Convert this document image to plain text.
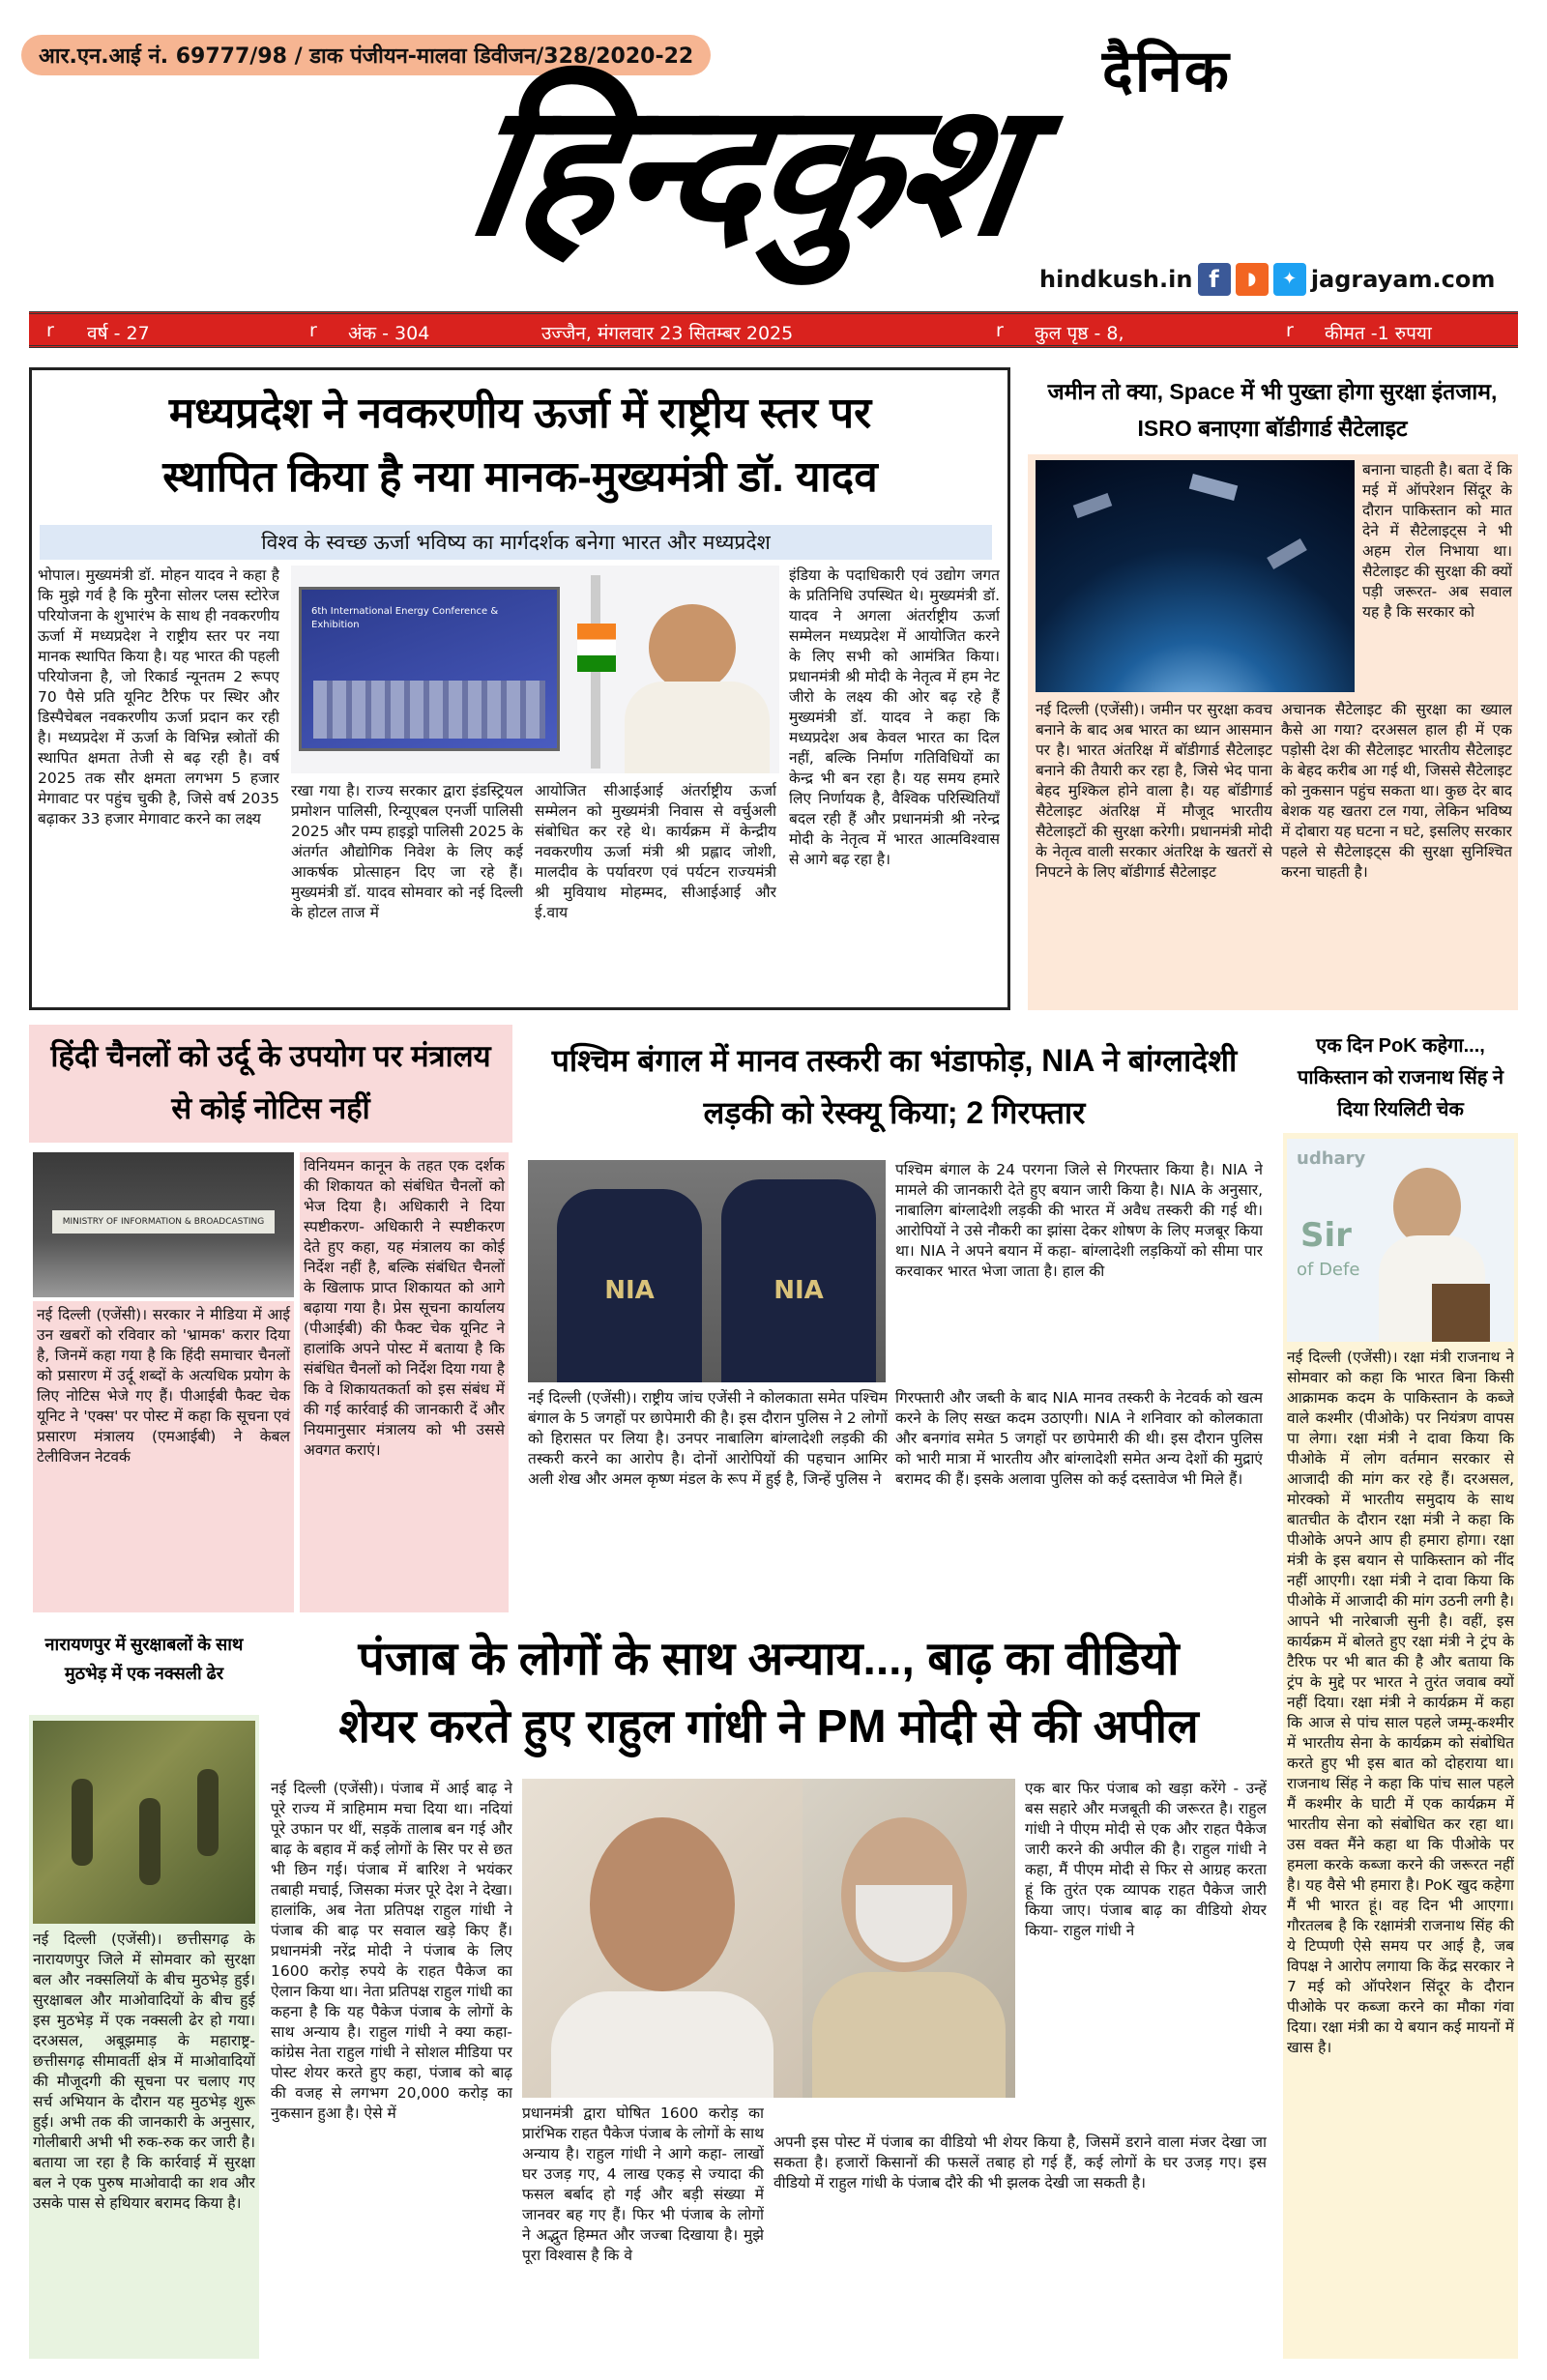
आर.एन.आई नं. 69777/98 / डाक पंजीयन-मालवा डिवीजन/328/2020-22	दैनिक
हिन्दकुश
hindkush.in f ◗ ✦ jagrayam.com
r वर्ष - 27	r अंक - 304	उज्जैन, मंगलवार 23 सितम्बर 2025	r कुल पृष्ठ - 8,	r कीमत -1 रुपया
मध्यप्रदेश ने नवकरणीय ऊर्जा में राष्ट्रीय स्तर पर
स्थापित किया है नया मानक-मुख्यमंत्री डॉ. यादव
विश्व के स्वच्छ ऊर्जा भविष्य का मार्गदर्शक बनेगा भारत और मध्यप्रदेश
भोपाल। मुख्यमंत्री डॉ. मोहन यादव ने कहा है कि मुझे गर्व है कि मुरैना सोलर प्लस स्टोरेज परियोजना के शुभारंभ के साथ ही नवकरणीय ऊर्जा में मध्यप्रदेश ने राष्ट्रीय स्तर पर नया मानक स्थापित किया है। यह भारत की पहली परियोजना है, जो रिकार्ड न्यूनतम 2 रूपए 70 पैसे प्रति यूनिट टैरिफ पर स्थिर और डिस्पैचेबल नवकरणीय ऊर्जा प्रदान कर रही है। मध्यप्रदेश में ऊर्जा के विभिन्न स्त्रोतों की स्थापित क्षमता तेजी से बढ़ रही है। वर्ष 2025 तक सौर क्षमता लगभग 5 हजार मेगावाट पर पहुंच चुकी है, जिसे वर्ष 2035 बढ़ाकर 33 हजार मेगावाट करने का लक्ष्य
6th International Energy Conference & Exhibition
रखा गया है। राज्य सरकार द्वारा इंडस्ट्रियल प्रमोशन पालिसी, रिन्यूएबल एनर्जी पालिसी 2025 और पम्प हाइड्रो पालिसी 2025 के अंतर्गत औद्योगिक निवेश के लिए कई आकर्षक प्रोत्साहन दिए जा रहे हैं। मुख्यमंत्री डॉ. यादव सोमवार को नई दिल्ली के होटल ताज में
आयोजित सीआईआई अंतर्राष्ट्रीय ऊर्जा सम्मेलन को मुख्यमंत्री निवास से वर्चुअली संबोधित कर रहे थे। कार्यक्रम में केन्द्रीय नवकरणीय ऊर्जा मंत्री श्री प्रह्लाद जोशी, मालदीव के पर्यावरण एवं पर्यटन राज्यमंत्री श्री मुवियाथ मोहम्मद, सीआईआई और ई.वाय
इंडिया के पदाधिकारी एवं उद्योग जगत के प्रतिनिधि उपस्थित थे। मुख्यमंत्री डॉ. यादव ने अगला अंतर्राष्ट्रीय ऊर्जा सम्मेलन मध्यप्रदेश में आयोजित करने के लिए सभी को आमंत्रित किया। प्रधानमंत्री श्री मोदी के नेतृत्व में हम नेट जीरो के लक्ष्य की ओर बढ़ रहे हैं मुख्यमंत्री डॉ. यादव ने कहा कि मध्यप्रदेश अब केवल भारत का दिल नहीं, बल्कि निर्माण गतिविधियों का केन्द्र भी बन रहा है। यह समय हमारे लिए निर्णायक है, वैश्विक परिस्थितियाँ बदल रही हैं और प्रधानमंत्री श्री नरेन्द्र मोदी के नेतृत्व में भारत आत्मविश्वास से आगे बढ़ रहा है।
जमीन तो क्या, Space में भी पुख्ता होगा सुरक्षा इंतजाम, ISRO बनाएगा बॉडीगार्ड सैटेलाइट
बनाना चाहती है। बता दें कि मई में ऑपरेशन सिंदूर के दौरान पाकिस्तान को मात देने में सैटेलाइट्स ने भी अहम रोल निभाया था। सैटेलाइट की सुरक्षा की क्यों पड़ी जरूरत- अब सवाल यह है कि सरकार को
नई दिल्ली (एजेंसी)। जमीन पर सुरक्षा कवच बनाने के बाद अब भारत का ध्यान आसमान पर है। भारत अंतरिक्ष में बॉडीगार्ड सैटेलाइट बनाने की तैयारी कर रहा है, जिसे भेद पाना बेहद मुश्किल होने वाला है। यह बॉडीगार्ड सैटेलाइट अंतरिक्ष में मौजूद भारतीय सैटेलाइटों की सुरक्षा करेगी। प्रधानमंत्री मोदी के नेतृत्व वाली सरकार अंतरिक्ष के खतरों से निपटने के लिए बॉडीगार्ड सैटेलाइट
अचानक सैटेलाइट की सुरक्षा का ख्याल कैसे आ गया? दरअसल हाल ही में एक पड़ोसी देश की सैटेलाइट भारतीय सैटेलाइट के बेहद करीब आ गई थी, जिससे सैटेलाइट को नुकसान पहुंच सकता था। कुछ देर बाद बेशक यह खतरा टल गया, लेकिन भविष्य में दोबारा यह घटना न घटे, इसलिए सरकार पहले से सैटेलाइट्स की सुरक्षा सुनिश्चित करना चाहती है।
हिंदी चैनलों को उर्दू के उपयोग पर मंत्रालय से कोई नोटिस नहीं
MINISTRY OF INFORMATION & BROADCASTING
नई दिल्ली (एजेंसी)। सरकार ने मीडिया में आई उन खबरों को रविवार को 'भ्रामक' करार दिया है, जिनमें कहा गया है कि हिंदी समाचार चैनलों को प्रसारण में उर्दू शब्दों के अत्यधिक प्रयोग के लिए नोटिस भेजे गए हैं। पीआईबी फैक्ट चेक यूनिट ने 'एक्स' पर पोस्ट में कहा कि सूचना एवं प्रसारण मंत्रालय (एमआईबी) ने केबल टेलीविजन नेटवर्क
विनियमन कानून के तहत एक दर्शक की शिकायत को संबंधित चैनलों को भेज दिया है। अधिकारी ने दिया स्पष्टीकरण- अधिकारी ने स्पष्टीकरण देते हुए कहा, यह मंत्रालय का कोई निर्देश नहीं है, बल्कि संबंधित चैनलों के खिलाफ प्राप्त शिकायत को आगे बढ़ाया गया है। प्रेस सूचना कार्यालय (पीआईबी) की फैक्ट चेक यूनिट ने हालांकि अपने पोस्ट में बताया है कि संबंधित चैनलों को निर्देश दिया गया है कि वे शिकायतकर्ता को इस संबंध में की गई कार्रवाई की जानकारी दें और नियमानुसार मंत्रालय को भी उससे अवगत कराएं।
पश्चिम बंगाल में मानव तस्करी का भंडाफोड़, NIA ने बांग्लादेशी लड़की को रेस्क्यू किया; 2 गिरफ्तार
NIA	NIA
पश्चिम बंगाल के 24 परगना जिले से गिरफ्तार किया है। NIA ने मामले की जानकारी देते हुए बयान जारी किया है। NIA के अनुसार, नाबालिग बांग्लादेशी लड़की की भारत में अवैध तस्करी की गई थी। आरोपियों ने उसे नौकरी का झांसा देकर शोषण के लिए मजबूर किया था। NIA ने अपने बयान में कहा- बांग्लादेशी लड़कियों को सीमा पार करवाकर भारत भेजा जाता है। हाल की
नई दिल्ली (एजेंसी)। राष्ट्रीय जांच एजेंसी ने कोलकाता समेत पश्चिम बंगाल के 5 जगहों पर छापेमारी की है। इस दौरान पुलिस ने 2 लोगों को हिरासत पर लिया है। उनपर नाबालिग बांग्लादेशी लड़की की तस्करी करने का आरोप है। दोनों आरोपियों की पहचान आमिर अली शेख और अमल कृष्ण मंडल के रूप में हुई है, जिन्हें पुलिस ने
गिरफ्तारी और जब्ती के बाद NIA मानव तस्करी के नेटवर्क को खत्म करने के लिए सख्त कदम उठाएगी। NIA ने शनिवार को कोलकाता और बनगांव समेत 5 जगहों पर छापेमारी की थी। इस दौरान पुलिस को भारी मात्रा में भारतीय और बांग्लादेशी समेत अन्य देशों की मुद्राएं बरामद की हैं। इसके अलावा पुलिस को कई दस्तावेज भी मिले हैं।
एक दिन PoK कहेगा..., पाकिस्तान को राजनाथ सिंह ने दिया रियलिटी चेक
udhary
Sir
of Defe
नई दिल्ली (एजेंसी)। रक्षा मंत्री राजनाथ ने सोमवार को कहा कि भारत बिना किसी आक्रामक कदम के पाकिस्तान के कब्जे वाले कश्मीर (पीओके) पर नियंत्रण वापस पा लेगा। रक्षा मंत्री ने दावा किया कि पीओके में लोग वर्तमान सरकार से आजादी की मांग कर रहे हैं। दरअसल, मोरक्को में भारतीय समुदाय के साथ बातचीत के दौरान रक्षा मंत्री ने कहा कि पीओके अपने आप ही हमारा होगा। रक्षा मंत्री के इस बयान से पाकिस्तान को नींद नहीं आएगी। रक्षा मंत्री ने दावा किया कि पीओके में आजादी की मांग उठनी लगी है। आपने भी नारेबाजी सुनी है। वहीं, इस कार्यक्रम में बोलते हुए रक्षा मंत्री ने ट्रंप के टैरिफ पर भी बात की है और बताया कि ट्रंप के मुद्दे पर भारत ने तुरंत जवाब क्यों नहीं दिया। रक्षा मंत्री ने कार्यक्रम में कहा कि आज से पांच साल पहले जम्मू-कश्मीर में भारतीय सेना के कार्यक्रम को संबोधित करते हुए भी इस बात को दोहराया था। राजनाथ सिंह ने कहा कि पांच साल पहले मैं कश्मीर के घाटी में एक कार्यक्रम में भारतीय सेना को संबोधित कर रहा था। उस वक्त मैंने कहा था कि पीओके पर हमला करके कब्जा करने की जरूरत नहीं है। यह वैसे भी हमारा है। PoK खुद कहेगा मैं भी भारत हूं। वह दिन भी आएगा। गौरतलब है कि रक्षामंत्री राजनाथ सिंह की ये टिप्पणी ऐसे समय पर आई है, जब विपक्ष ने आरोप लगाया कि केंद्र सरकार ने 7 मई को ऑपरेशन सिंदूर के दौरान पीओके पर कब्जा करने का मौका गंवा दिया। रक्षा मंत्री का ये बयान कई मायनों में खास है।
नारायणपुर में सुरक्षाबलों के साथ मुठभेड़ में एक नक्सली ढेर
नई दिल्ली (एजेंसी)। छत्तीसगढ़ के नारायणपुर जिले में सोमवार को सुरक्षा बल और नक्सलियों के बीच मुठभेड़ हुई। सुरक्षाबल और माओवादियों के बीच हुई इस मुठभेड़ में एक नक्सली ढेर हो गया। दरअसल, अबूझमाड़ के महाराष्ट्र-छत्तीसगढ़ सीमावर्ती क्षेत्र में माओवादियों की मौजूदगी की सूचना पर चलाए गए सर्च अभियान के दौरान यह मुठभेड़ शुरू हुई। अभी तक की जानकारी के अनुसार, गोलीबारी अभी भी रुक-रुक कर जारी है। बताया जा रहा है कि कार्रवाई में सुरक्षा बल ने एक पुरुष माओवादी का शव और उसके पास से हथियार बरामद किया है।
पंजाब के लोगों के साथ अन्याय..., बाढ़ का वीडियो
शेयर करते हुए राहुल गांधी ने PM मोदी से की अपील
नई दिल्ली (एजेंसी)। पंजाब में आई बाढ़ ने पूरे राज्य में त्राहिमाम मचा दिया था। नदियां पूरे उफान पर थीं, सड़कें तालाब बन गई और बाढ़ के बहाव में कई लोगों के सिर पर से छत भी छिन गई। पंजाब में बारिश ने भयंकर तबाही मचाई, जिसका मंजर पूरे देश ने देखा। हालांकि, अब नेता प्रतिपक्ष राहुल गांधी ने पंजाब की बाढ़ पर सवाल खड़े किए हैं। प्रधानमंत्री नरेंद्र मोदी ने पंजाब के लिए 1600 करोड़ रुपये के राहत पैकेज का ऐलान किया था। नेता प्रतिपक्ष राहुल गांधी का कहना है कि यह पैकेज पंजाब के लोगों के साथ अन्याय है। राहुल गांधी ने क्या कहा- कांग्रेस नेता राहुल गांधी ने सोशल मीडिया पर पोस्ट शेयर करते हुए कहा, पंजाब को बाढ़ की वजह से लगभग 20,000 करोड़ का नुकसान हुआ है। ऐसे में
एक बार फिर पंजाब को खड़ा करेंगे - उन्हें बस सहारे और मजबूती की जरूरत है। राहुल गांधी ने पीएम मोदी से एक और राहत पैकेज जारी करने की अपील की है। राहुल गांधी ने कहा, मैं पीएम मोदी से फिर से आग्रह करता हूं कि तुरंत एक व्यापक राहत पैकेज जारी किया जाए। पंजाब बाढ़ का वीडियो शेयर किया- राहुल गांधी ने
प्रधानमंत्री द्वारा घोषित 1600 करोड़ का प्रारंभिक राहत पैकेज पंजाब के लोगों के साथ अन्याय है। राहुल गांधी ने आगे कहा- लाखों घर उजड़ गए, 4 लाख एकड़ से ज्यादा की फसल बर्बाद हो गई और बड़ी संख्या में जानवर बह गए हैं। फिर भी पंजाब के लोगों ने अद्भुत हिम्मत और जज्बा दिखाया है। मुझे पूरा विश्वास है कि वे
अपनी इस पोस्ट में पंजाब का वीडियो भी शेयर किया है, जिसमें डराने वाला मंजर देखा जा सकता है। हजारों किसानों की फसलें तबाह हो गई हैं, कई लोगों के घर उजड़ गए। इस वीडियो में राहुल गांधी के पंजाब दौरे की भी झलक देखी जा सकती है।
